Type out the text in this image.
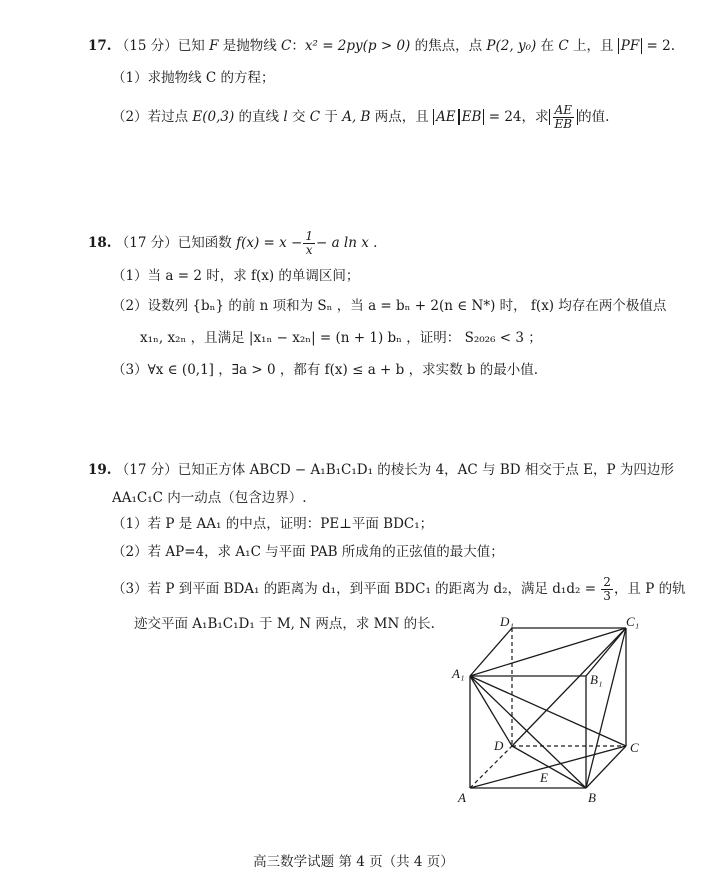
17. （15 分）已知 F 是抛物线 C：x² = 2py(p > 0) 的焦点，点 P(2, y₀) 在 C 上，且 PF = 2.
（1）求抛物线 C 的方程；
（2）若过点 E(0,3) 的直线 l 交 C 于 A, B 两点，且 AE EB = 24，求 $\frac{AE}{EB}$ 的值.
18. （17 分）已知函数 $f(x) = x - \frac{1}{x} - a$ ln x .
（1）当 a = 2 时，求 f(x) 的单调区间；
（2）设数列 {bₙ} 的前 n 项和为 Sₙ ，当 a = bₙ + 2(n ∈ N*) 时， f(x) 均存在两个极值点
x₁ₙ, x₂ₙ ，且满足 |x₁ₙ − x₂ₙ| = (n + 1) bₙ ，证明： S₂₀₂₆ < 3 ；
（3）∀x ∈ (0,1] ，∃a > 0 ，都有 f(x) ≤ a + b ，求实数 b 的最小值.
19. （17 分）已知正方体 ABCD − A₁B₁C₁D₁ 的棱长为 4，AC 与 BD 相交于点 E，P 为四边形
AA₁C₁C 内一动点（包含边界）.
（1）若 P 是 AA₁ 的中点，证明：PE⊥平面 BDC₁；
（2）若 AP=4，求 A₁C 与平面 PAB 所成角的正弦值的最大值；
（3）若 P 到平面 BDA₁ 的距离为 d₁，到平面 BDC₁ 的距离为 d₂，满足 $d_1d_2 = \frac{2}{3}$ ，且 P 的轨
迹交平面 A₁B₁C₁D₁ 于 M, N 两点，求 MN 的长.	D₁	C₁
A₁	B₁
D	C
E
A	B
高三数学试题 第 4 页（共 4 页）
